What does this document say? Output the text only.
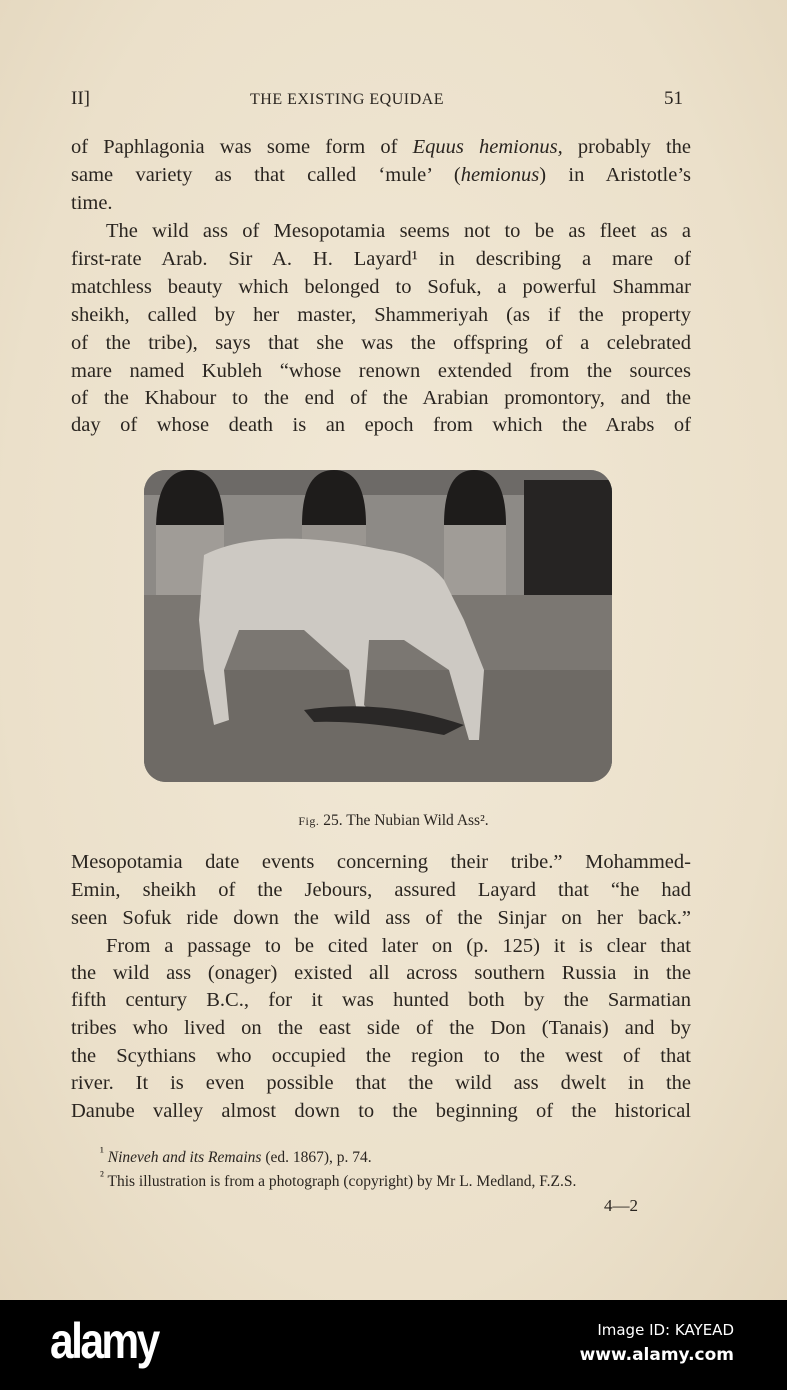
II]	THE EXISTING EQUIDAE	51
of Paphlagonia was some form of Equus hemionus, probably the
same variety as that called ‘mule’ (hemionus) in Aristotle’s
time.
The wild ass of Mesopotamia seems not to be as fleet as a
first-rate Arab. Sir A. H. Layard¹ in describing a mare of
matchless beauty which belonged to Sofuk, a powerful Shammar
sheikh, called by her master, Shammeriyah (as if the property
of the tribe), says that she was the offspring of a celebrated
mare named Kubleh “whose renown extended from the sources
of the Khabour to the end of the Arabian promontory, and the
day of whose death is an epoch from which the Arabs of
Fig. 25. The Nubian Wild Ass².
Mesopotamia date events concerning their tribe.” Mohammed-
Emin, sheikh of the Jebours, assured Layard that “he had
seen Sofuk ride down the wild ass of the Sinjar on her back.”
From a passage to be cited later on (p. 125) it is clear that
the wild ass (onager) existed all across southern Russia in the
fifth century B.C., for it was hunted both by the Sarmatian
tribes who lived on the east side of the Don (Tanais) and by
the Scythians who occupied the region to the west of that
river. It is even possible that the wild ass dwelt in the
Danube valley almost down to the beginning of the historical
$^{^1}$ Nineveh and its Remains (ed. 1867), p. 74.
$^{^2}$ This illustration is from a photograph (copyright) by Mr L. Medland, F.Z.S.
4—2
alamy	Image ID: KAYEAD
www.alamy.com
